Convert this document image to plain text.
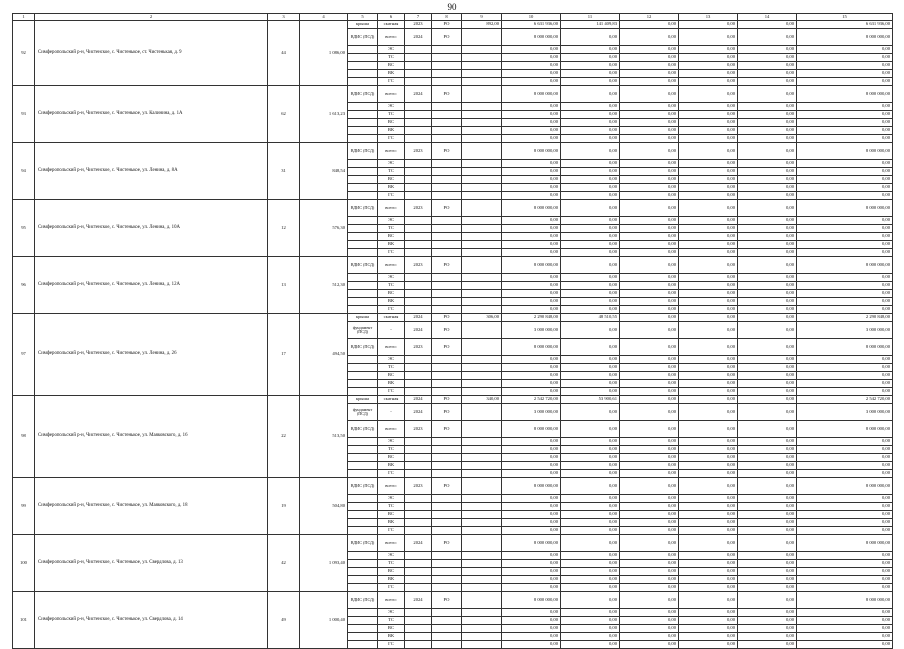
90
1	2	3	4	5	6	7	8	9	10	11	12	13	14	15
92	Симферопольский р-н, Чистенское, с. Чистенькое, ст. Чистенькая, д. 9	44	1 086,00	крыша	скатная	2023	РО	892,00	6 631 936,00	141 409,83	0,00	0,00	0,00	6 631 936,00
				ВДИС (ПСД)	всего:	2024	РО		8 000 000,00	0,00	0,00	0,00	0,00	8 000 000,00
					ЭС				0,00	0,00	0,00	0,00	0,00	0,00
					ТС				0,00	0,00	0,00	0,00	0,00	0,00
					ВС				0,00	0,00	0,00	0,00	0,00	0,00
					ВК				0,00	0,00	0,00	0,00	0,00	0,00
					ГС				0,00	0,00	0,00	0,00	0,00	0,00
93	Симферопольский р-н, Чистенское, с. Чистенькое, ул. Калинина, д. 1А	62	1 613,23	ВДИС (ПСД)	всего:	2024	РО		8 000 000,00	0,00	0,00	0,00	0,00	8 000 000,00
					ЭС				0,00	0,00	0,00	0,00	0,00	0,00
					ТС				0,00	0,00	0,00	0,00	0,00	0,00
					ВС				0,00	0,00	0,00	0,00	0,00	0,00
					ВК				0,00	0,00	0,00	0,00	0,00	0,00
					ГС				0,00	0,00	0,00	0,00	0,00	0,00
94	Симферопольский р-н, Чистенское, с. Чистенькое, ул. Ленина, д. 8А	31	848,54	ВДИС (ПСД)	всего:	2023	РО		8 000 000,00	0,00	0,00	0,00	0,00	8 000 000,00
					ЭС				0,00	0,00	0,00	0,00	0,00	0,00
					ТС				0,00	0,00	0,00	0,00	0,00	0,00
					ВС				0,00	0,00	0,00	0,00	0,00	0,00
					ВК				0,00	0,00	0,00	0,00	0,00	0,00
					ГС				0,00	0,00	0,00	0,00	0,00	0,00
95	Симферопольский р-н, Чистенское, с. Чистенькое, ул. Ленина, д. 10А	12	576,30	ВДИС (ПСД)	всего:	2023	РО		8 000 000,00	0,00	0,00	0,00	0,00	8 000 000,00
					ЭС				0,00	0,00	0,00	0,00	0,00	0,00
					ТС				0,00	0,00	0,00	0,00	0,00	0,00
					ВС				0,00	0,00	0,00	0,00	0,00	0,00
					ВК				0,00	0,00	0,00	0,00	0,00	0,00
					ГС				0,00	0,00	0,00	0,00	0,00	0,00
96	Симферопольский р-н, Чистенское, с. Чистенькое, ул. Ленина, д. 12А	13	512,30	ВДИС (ПСД)	всего:	2023	РО		8 000 000,00	0,00	0,00	0,00	0,00	8 000 000,00
					ЭС				0,00	0,00	0,00	0,00	0,00	0,00
					ТС				0,00	0,00	0,00	0,00	0,00	0,00
					ВС				0,00	0,00	0,00	0,00	0,00	0,00
					ВК				0,00	0,00	0,00	0,00	0,00	0,00
					ГС				0,00	0,00	0,00	0,00	0,00	0,00
97	Симферопольский р-н, Чистенское, с. Чистенькое, ул. Ленина, д. 26	17	494,50	крыша	скатная	2024	РО	306,00	2 290 848,00	48 510,55	0,00	0,00	0,00	2 290 848,00
				фундамент (ПСД)	-	2024	РО		3 000 000,00	0,00	0,00	0,00	0,00	3 000 000,00
				ВДИС (ПСД)	всего:	2023	РО		8 000 000,00	0,00	0,00	0,00	0,00	8 000 000,00
					ЭС				0,00	0,00	0,00	0,00	0,00	0,00
					ТС				0,00	0,00	0,00	0,00	0,00	0,00
					ВС				0,00	0,00	0,00	0,00	0,00	0,00
					ВК				0,00	0,00	0,00	0,00	0,00	0,00
					ГС				0,00	0,00	0,00	0,00	0,00	0,00
98	Симферопольский р-н, Чистенское, с. Чистенькое, ул. Маяковского, д. 16	22	513,50	крыша	скатная	2024	РО	340,00	2 542 720,00	53 900,61	0,00	0,00	0,00	2 542 720,00
				фундамент (ПСД)	-	2024	РО		3 000 000,00	0,00	0,00	0,00	0,00	3 000 000,00
				ВДИС (ПСД)	всего:	2023	РО		8 000 000,00	0,00	0,00	0,00	0,00	8 000 000,00
					ЭС				0,00	0,00	0,00	0,00	0,00	0,00
					ТС				0,00	0,00	0,00	0,00	0,00	0,00
					ВС				0,00	0,00	0,00	0,00	0,00	0,00
					ВК				0,00	0,00	0,00	0,00	0,00	0,00
					ГС				0,00	0,00	0,00	0,00	0,00	0,00
99	Симферопольский р-н, Чистенское, с. Чистенькое, ул. Маяковского, д. 18	19	504,80	ВДИС (ПСД)	всего:	2023	РО		8 000 000,00	0,00	0,00	0,00	0,00	8 000 000,00
					ЭС				0,00	0,00	0,00	0,00	0,00	0,00
					ТС				0,00	0,00	0,00	0,00	0,00	0,00
					ВС				0,00	0,00	0,00	0,00	0,00	0,00
					ВК				0,00	0,00	0,00	0,00	0,00	0,00
					ГС				0,00	0,00	0,00	0,00	0,00	0,00
100	Симферопольский р-н, Чистенское, с. Чистенькое, ул. Свердлова, д. 13	42	1 093,40	ВДИС (ПСД)	всего:	2024	РО		8 000 000,00	0,00	0,00	0,00	0,00	8 000 000,00
					ЭС				0,00	0,00	0,00	0,00	0,00	0,00
					ТС				0,00	0,00	0,00	0,00	0,00	0,00
					ВС				0,00	0,00	0,00	0,00	0,00	0,00
					ВК				0,00	0,00	0,00	0,00	0,00	0,00
					ГС				0,00	0,00	0,00	0,00	0,00	0,00
101	Симферопольский р-н, Чистенское, с. Чистенькое, ул. Свердлова, д. 14	49	1 000,40	ВДИС (ПСД)	всего:	2024	РО		8 000 000,00	0,00	0,00	0,00	0,00	8 000 000,00
					ЭС				0,00	0,00	0,00	0,00	0,00	0,00
					ТС				0,00	0,00	0,00	0,00	0,00	0,00
					ВС				0,00	0,00	0,00	0,00	0,00	0,00
					ВК				0,00	0,00	0,00	0,00	0,00	0,00
					ГС				0,00	0,00	0,00	0,00	0,00	0,00
